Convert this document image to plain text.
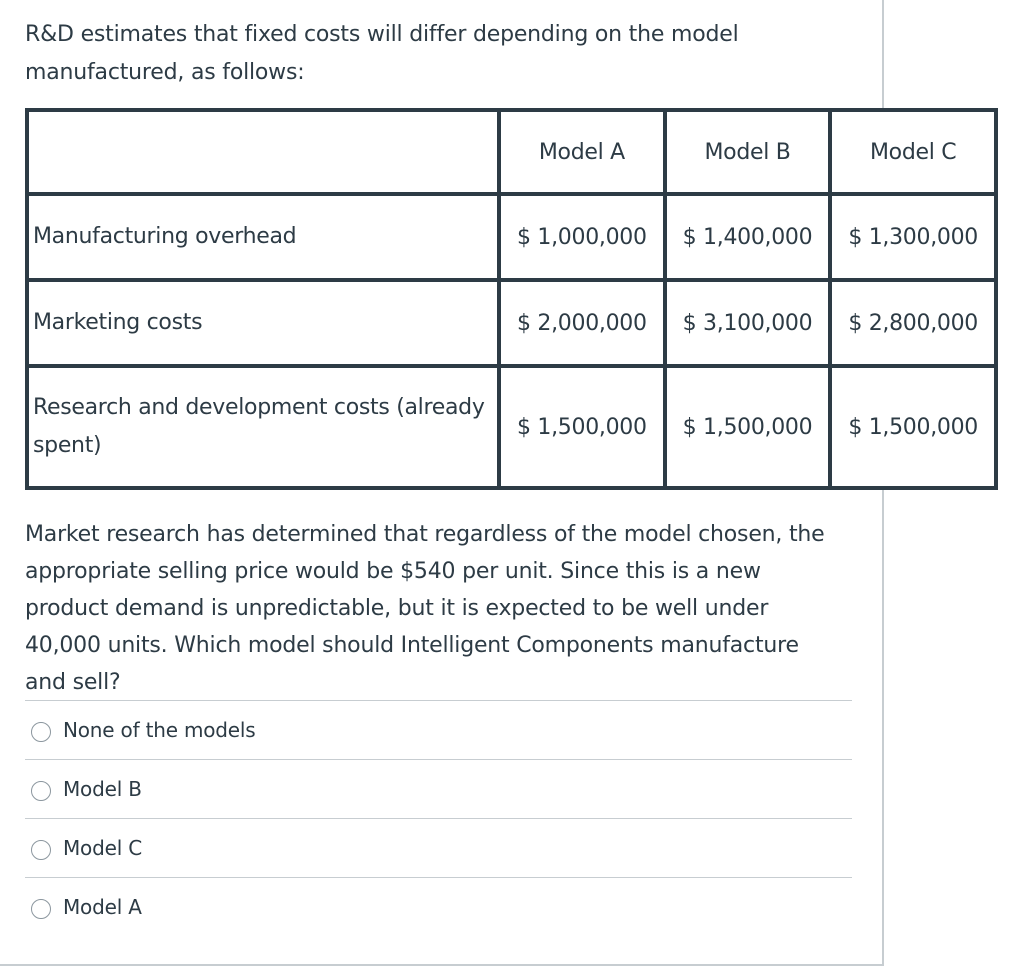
R&D estimates that fixed costs will differ depending on the model manufactured, as follows:
	Model A	Model B	Model C

Manufacturing overhead	$ 1,000,000	$ 1,400,000	$ 1,300,000

Marketing costs	$ 2,000,000	$ 3,100,000	$ 2,800,000

Research and development costs (already spent)	$ 1,500,000	$ 1,500,000	$ 1,500,000
Market research has determined that regardless of the model chosen, the appropriate selling price would be $540 per unit. Since this is a new product demand is unpredictable, but it is expected to be well under 40,000 units. Which model should Intelligent Components manufacture and sell?
None of the models
Model B
Model C
Model A
